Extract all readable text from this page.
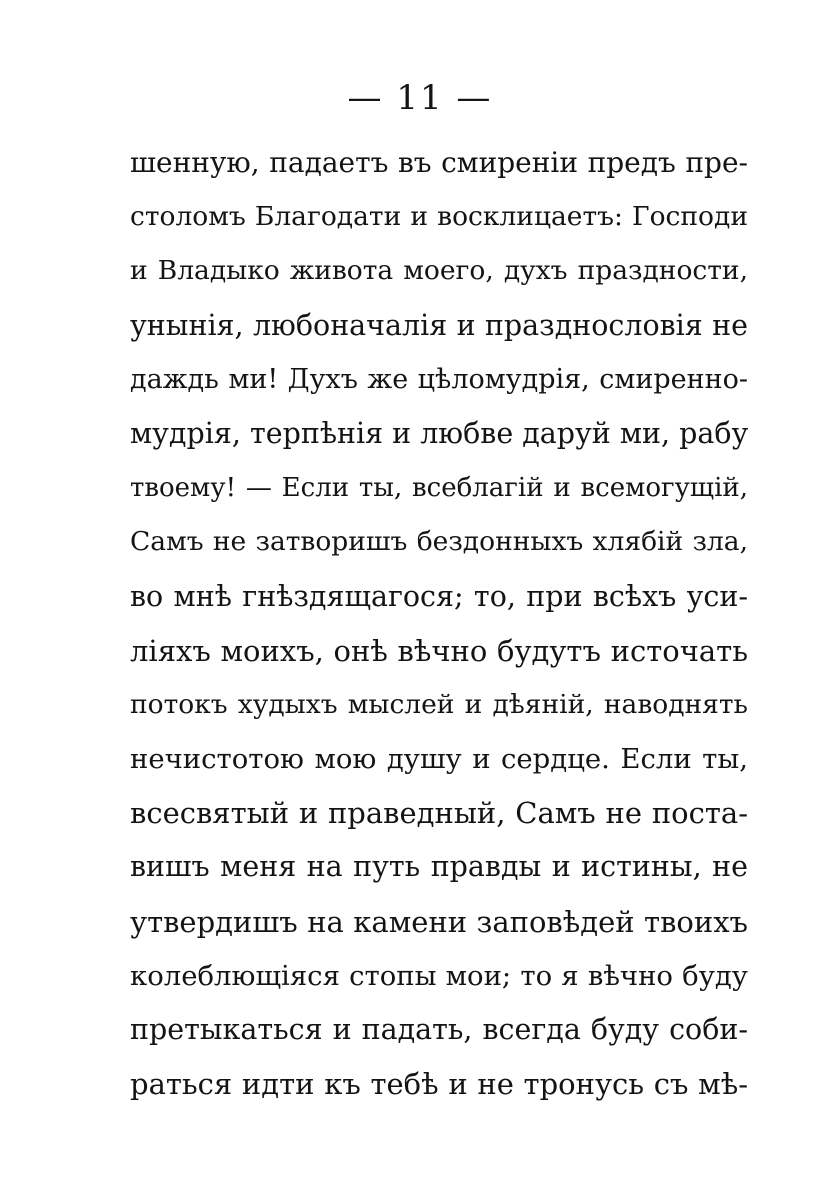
— 11 —
шенную, падаетъ въ смиреніи предъ пре-
столомъ Благодати и восклицаетъ: Господи
и Владыко живота моего, духъ праздности,
унынія, любоначалія и празднословія не
даждь ми! Духъ же цѣломудрія, смиренно-
мудрія, терпѣнія и любве даруй ми, рабу
твоему! — Если ты, всеблагій и всемогущій,
Самъ не затворишъ бездонныхъ хлябій зла,
во мнѣ гнѣздящагося; то, при всѣхъ уси-
ліяхъ моихъ, онѣ вѣчно будутъ источать
потокъ худыхъ мыслей и дѣяній, наводнять
нечистотою мою душу и сердце. Если ты,
всесвятый и праведный, Самъ не поста-
вишъ меня на путь правды и истины, не
утвердишъ на камени заповѣдей твоихъ
колеблющіяся стопы мои; то я вѣчно буду
претыкаться и падать, всегда буду соби-
раться идти къ тебѣ и не тронусь съ мѣ-
